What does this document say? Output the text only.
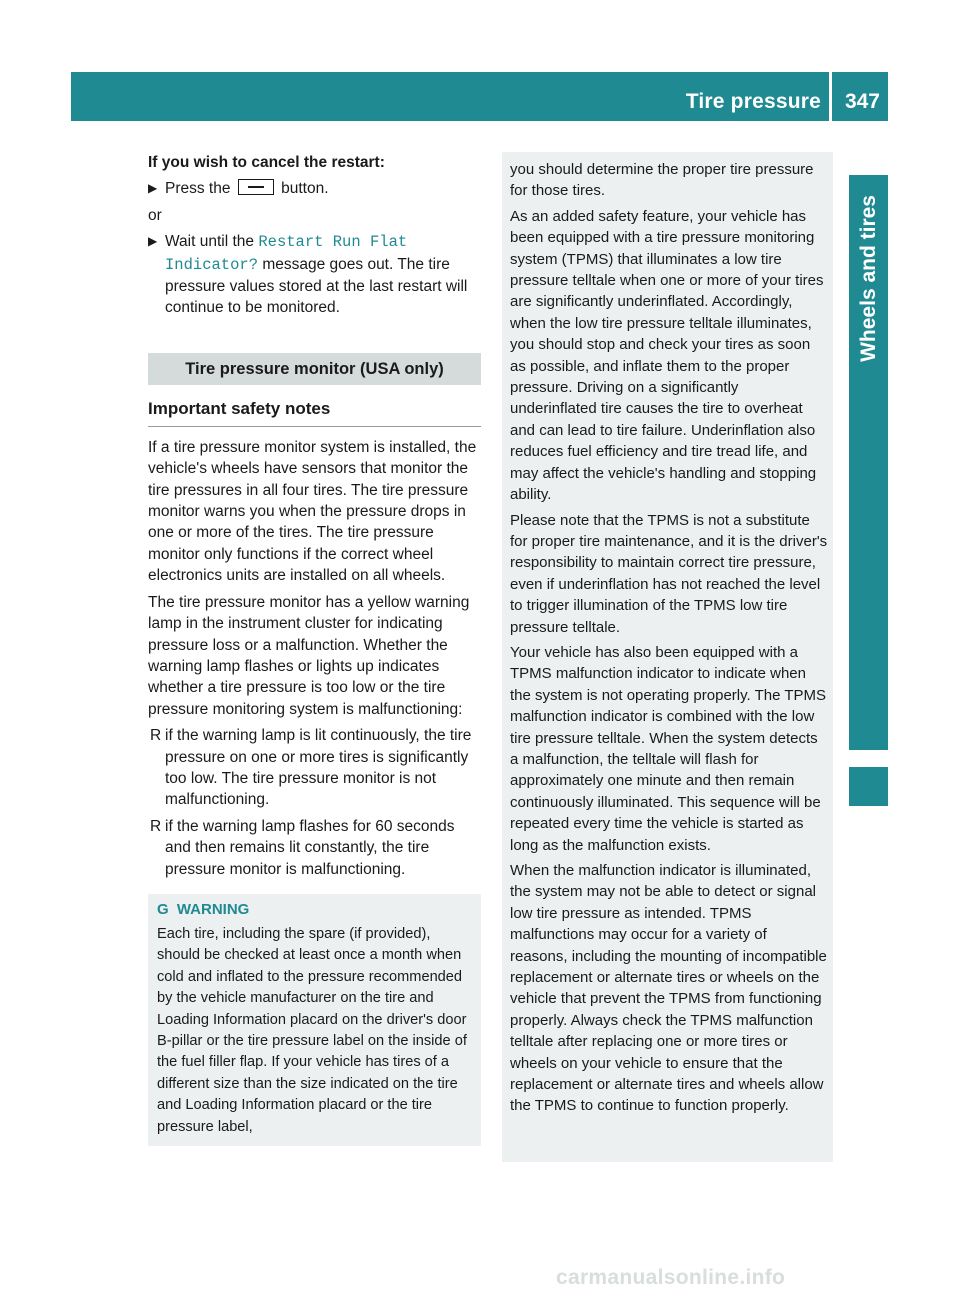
Tire pressure 347
Wheels and tires

If you wish to cancel the restart:

▶ Press the	button.

or

▶ Wait until the Restart Run Flat Indicator? message goes out. The tire pressure values stored at the last restart will continue to be monitored.
Tire pressure monitor (USA only)
Important safety notes

If a tire pressure monitor system is installed, the vehicle's wheels have sensors that monitor the tire pressures in all four tires. The tire pressure monitor warns you when the pressure drops in one or more of the tires. The tire pressure monitor only functions if the correct wheel electronics units are installed on all wheels.

The tire pressure monitor has a yellow warning lamp in the instrument cluster for indicating pressure loss or a malfunction. Whether the warning lamp flashes or lights up indicates whether a tire pressure is too low or the tire pressure monitoring system is malfunctioning:

R if the warning lamp is lit continuously, the tire pressure on one or more tires is significantly too low. The tire pressure monitor is not malfunctioning.
R if the warning lamp flashes for 60 seconds and then remains lit constantly, the tire pressure monitor is malfunctioning.
G WARNING

Each tire, including the spare (if provided), should be checked at least once a month when cold and inflated to the pressure recommended by the vehicle manufacturer on the tire and Loading Information placard on the driver's door B-pillar or the tire pressure label on the inside of the fuel filler flap. If your vehicle has tires of a different size than the size indicated on the tire and Loading Information placard or the tire pressure label,

you should determine the proper tire pressure for those tires.

As an added safety feature, your vehicle has been equipped with a tire pressure monitoring system (TPMS) that illuminates a low tire pressure telltale when one or more of your tires are significantly underinflated. Accordingly, when the low tire pressure telltale illuminates, you should stop and check your tires as soon as possible, and inflate them to the proper pressure. Driving on a significantly underinflated tire causes the tire to overheat and can lead to tire failure. Underinflation also reduces fuel efficiency and tire tread life, and may affect the vehicle's handling and stopping ability.

Please note that the TPMS is not a substitute for proper tire maintenance, and it is the driver's responsibility to maintain correct tire pressure, even if underinflation has not reached the level to trigger illumination of the TPMS low tire pressure telltale.

Your vehicle has also been equipped with a TPMS malfunction indicator to indicate when the system is not operating properly. The TPMS malfunction indicator is combined with the low tire pressure telltale. When the system detects a malfunction, the telltale will flash for approximately one minute and then remain continuously illuminated. This sequence will be repeated every time the vehicle is started as long as the malfunction exists.

When the malfunction indicator is illuminated, the system may not be able to detect or signal low tire pressure as intended. TPMS malfunctions may occur for a variety of reasons, including the mounting of incompatible replacement or alternate tires or wheels on the vehicle that prevent the TPMS from functioning properly. Always check the TPMS malfunction telltale after replacing one or more tires or wheels on your vehicle to ensure that the replacement or alternate tires and wheels allow the TPMS to continue to function properly.

carmanualsonline.info
